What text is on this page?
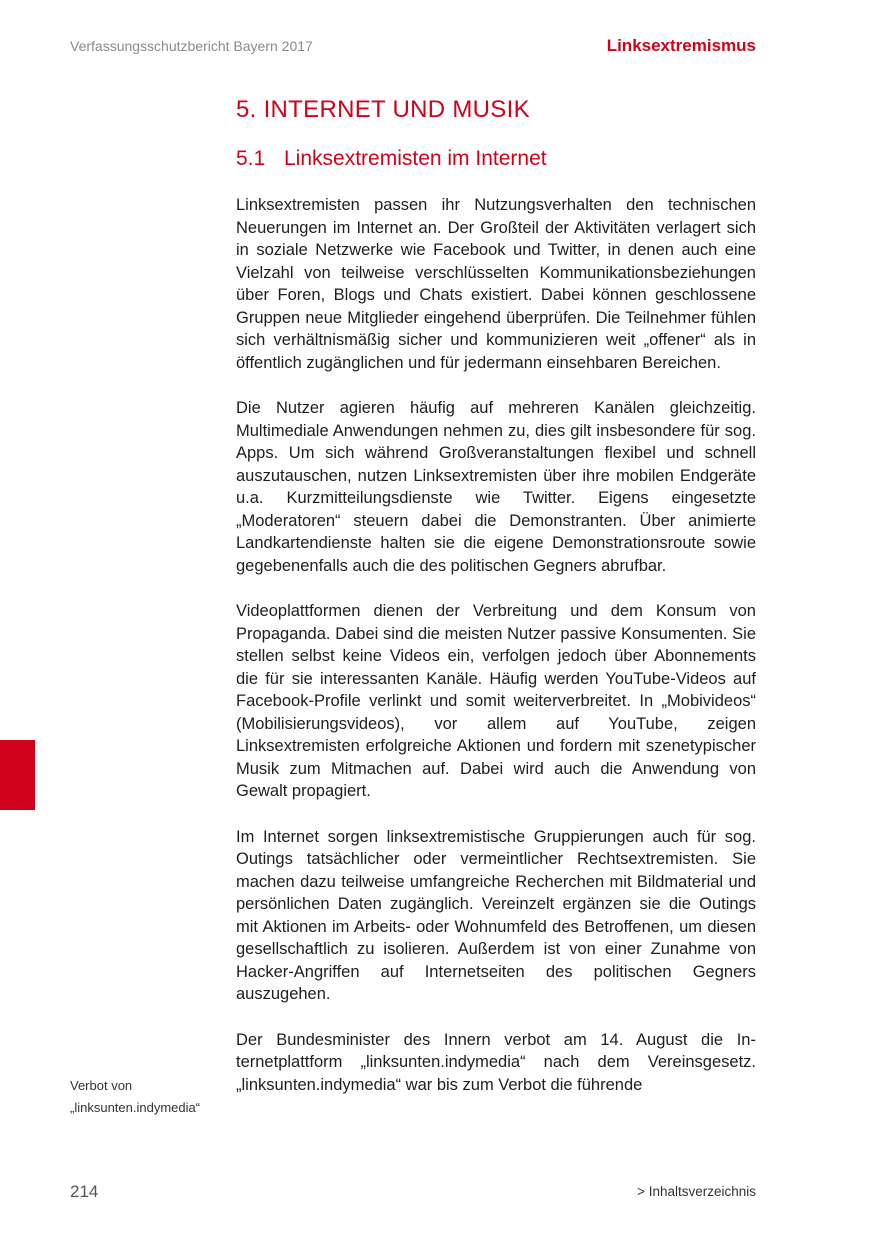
Verfassungsschutzbericht Bayern 2017	Linksextremismus
5. INTERNET UND MUSIK
5.1 Linksextremisten im Internet

Linksextremisten passen ihr Nutzungsverhalten den technischen Neuerungen im Internet an. Der Großteil der Aktivitäten verlagert sich in soziale Netzwerke wie Facebook und Twitter, in denen auch eine Vielzahl von teilweise verschlüsselten Kommunikationsbeziehungen über Foren, Blogs und Chats existiert. Dabei können geschlossene Gruppen neue Mitglieder eingehend überprüfen. Die Teilnehmer fühlen sich verhältnismäßig sicher und kommunizieren weit „offener“ als in öffentlich zugänglichen und für jedermann einsehbaren Bereichen.

Die Nutzer agieren häufig auf mehreren Kanälen gleichzeitig. Multimediale Anwendungen nehmen zu, dies gilt insbesondere für sog. Apps. Um sich während Großveranstaltungen flexibel und schnell auszutauschen, nutzen Linksextremisten über ihre mobilen Endgeräte u.a. Kurzmitteilungsdienste wie Twitter. Eigens eingesetzte „Moderatoren“ steuern dabei die Demonstranten. Über animierte Landkartendienste halten sie die eigene Demonstrationsroute sowie gegebenenfalls auch die des politischen Gegners abrufbar.

Videoplattformen dienen der Verbreitung und dem Konsum von Propaganda. Dabei sind die meisten Nutzer passive Konsumenten. Sie stellen selbst keine Videos ein, verfolgen jedoch über Abonnements die für sie interessanten Kanäle. Häufig werden YouTube-Videos auf Facebook-Profile verlinkt und somit weiterverbreitet. In „Mobivideos“ (Mobilisierungsvideos), vor allem auf YouTube, zeigen Linksextremisten erfolgreiche Aktionen und fordern mit szenetypischer Musik zum Mitmachen auf. Dabei wird auch die Anwendung von Gewalt propagiert.

Im Internet sorgen linksextremistische Gruppierungen auch für sog. Outings tatsächlicher oder vermeintlicher Rechtsextremisten. Sie machen dazu teilweise umfangreiche Recherchen mit Bildmaterial und persönlichen Daten zugänglich. Vereinzelt ergänzen sie die Outings mit Aktionen im Arbeits- oder Wohnumfeld des Betroffenen, um diesen gesellschaftlich zu isolieren. Außerdem ist von einer Zunahme von Hacker-Angriffen auf Internetseiten des politischen Gegners auszugehen.

Der Bundesminister des Innern verbot am 14. August die Internetplattform „linksunten.indymedia“ nach dem Vereinsgesetz. „linksunten.indymedia“ war bis zum Verbot die führende

Verbot von
„linksunten.indymedia“
214	> Inhaltsverzeichnis
